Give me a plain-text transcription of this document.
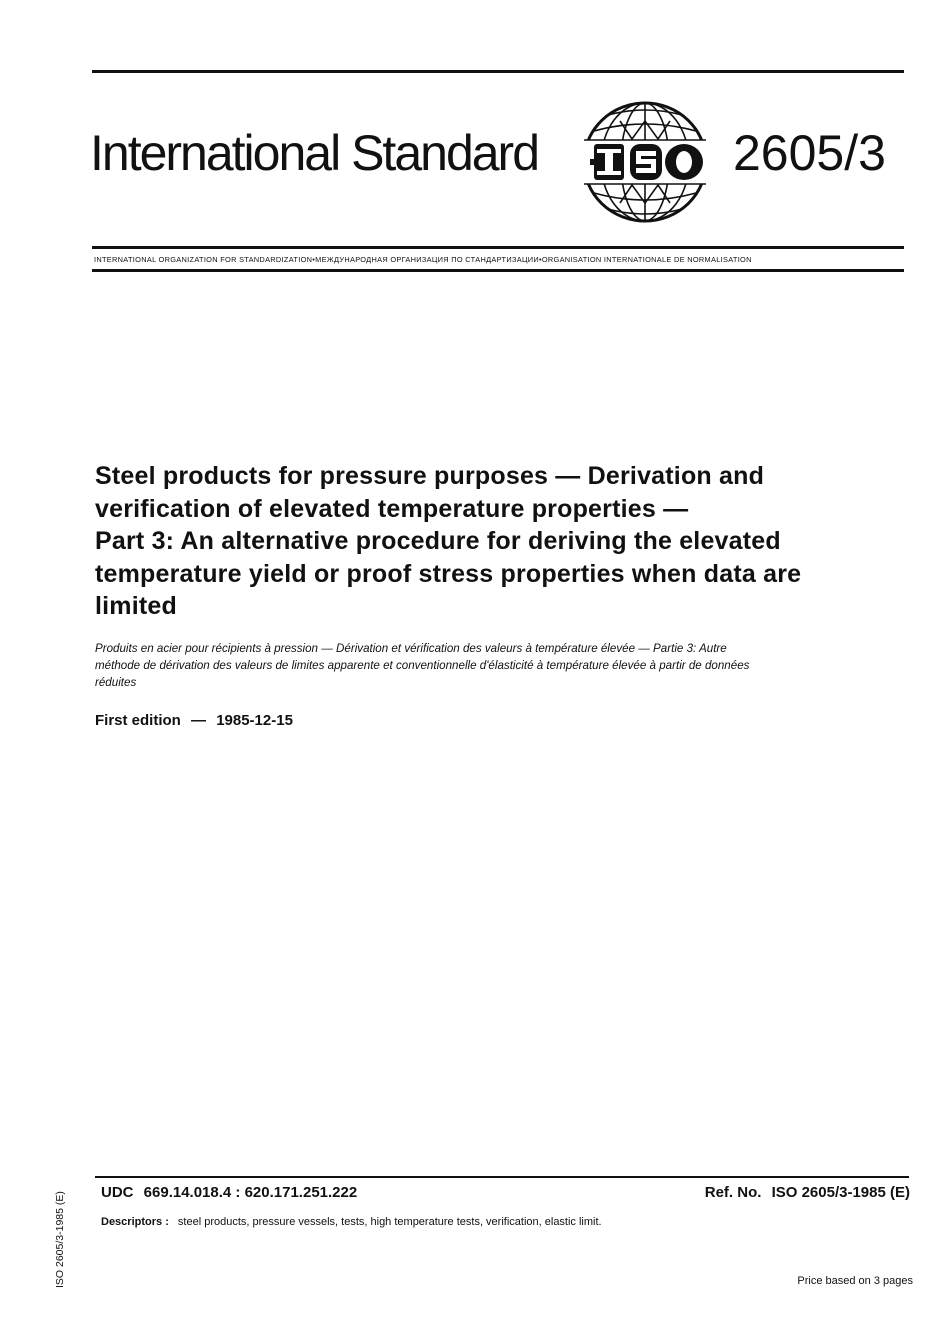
International Standard	2605/3
INTERNATIONAL ORGANIZATION FOR STANDARDIZATION•МЕЖДУНАРОДНАЯ ОРГАНИЗАЦИЯ ПО СТАНДАРТИЗАЦИИ•ORGANISATION INTERNATIONALE DE NORMALISATION
Steel products for pressure purposes — Derivation and
verification of elevated temperature properties —
Part 3: An alternative procedure for deriving the elevated
temperature yield or proof stress properties when data are
limited
Produits en acier pour récipients à pression — Dérivation et vérification des valeurs à température élevée — Partie 3: Autre
méthode de dérivation des valeurs de limites apparente et conventionnelle d'élasticité à température élevée à partir de données
réduites
First edition — 1985-12-15
UDC 669.14.018.4 : 620.171.251.222	Ref. No. ISO 2605/3-1985 (E)
Descriptors : steel products, pressure vessels, tests, high temperature tests, verification, elastic limit.
Price based on 3 pages
ISO 2605/3-1985 (E)
